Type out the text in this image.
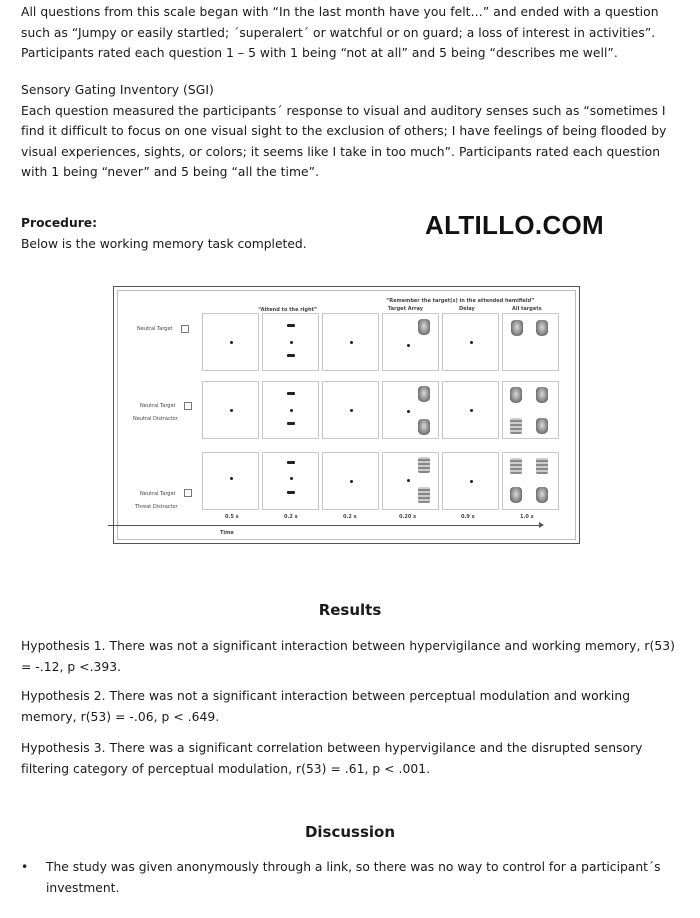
All questions from this scale began with “In the last month have you felt…” and ended with a question such as “Jumpy or easily startled; ´superalert´ or watchful or on guard; a loss of interest in activities”. Participants rated each question 1 – 5 with 1 being “not at all” and 5 being “describes me well”.

Sensory Gating Inventory (SGI)

Each question measured the participants´ response to visual and auditory senses such as “sometimes I find it difficult to focus on one visual sight to the exclusion of others; I have feelings of being flooded by visual experiences, sights, or colors; it seems like I take in too much”. Participants rated each question with 1 being “never” and 5 being “all the time”.

Procedure:

Below is the working memory task completed.

ALTILLO.COM
“Attend to the right”
“Remember the target(s) in the attended hemifield”
Target Array	Delay	All targets
Neutral Target
Neutral Target
Neutral Distractor
Neutral Target
Threat Distractor
0.5 s	0.2 s	0.2 s	0.20 s	0.9 s	1.0 s
Time
Results

Hypothesis 1. There was not a significant interaction between hypervigilance and working memory, r(53) = -.12, p <.393.

Hypothesis 2. There was not a significant interaction between perceptual modulation and working memory, r(53) = -.06, p < .649.

Hypothesis 3. There was a significant correlation between hypervigilance and the disrupted sensory filtering category of perceptual modulation, r(53) = .61, p < .001.

Discussion
•	The study was given anonymously through a link, so there was no way to control for a participant´s investment.
